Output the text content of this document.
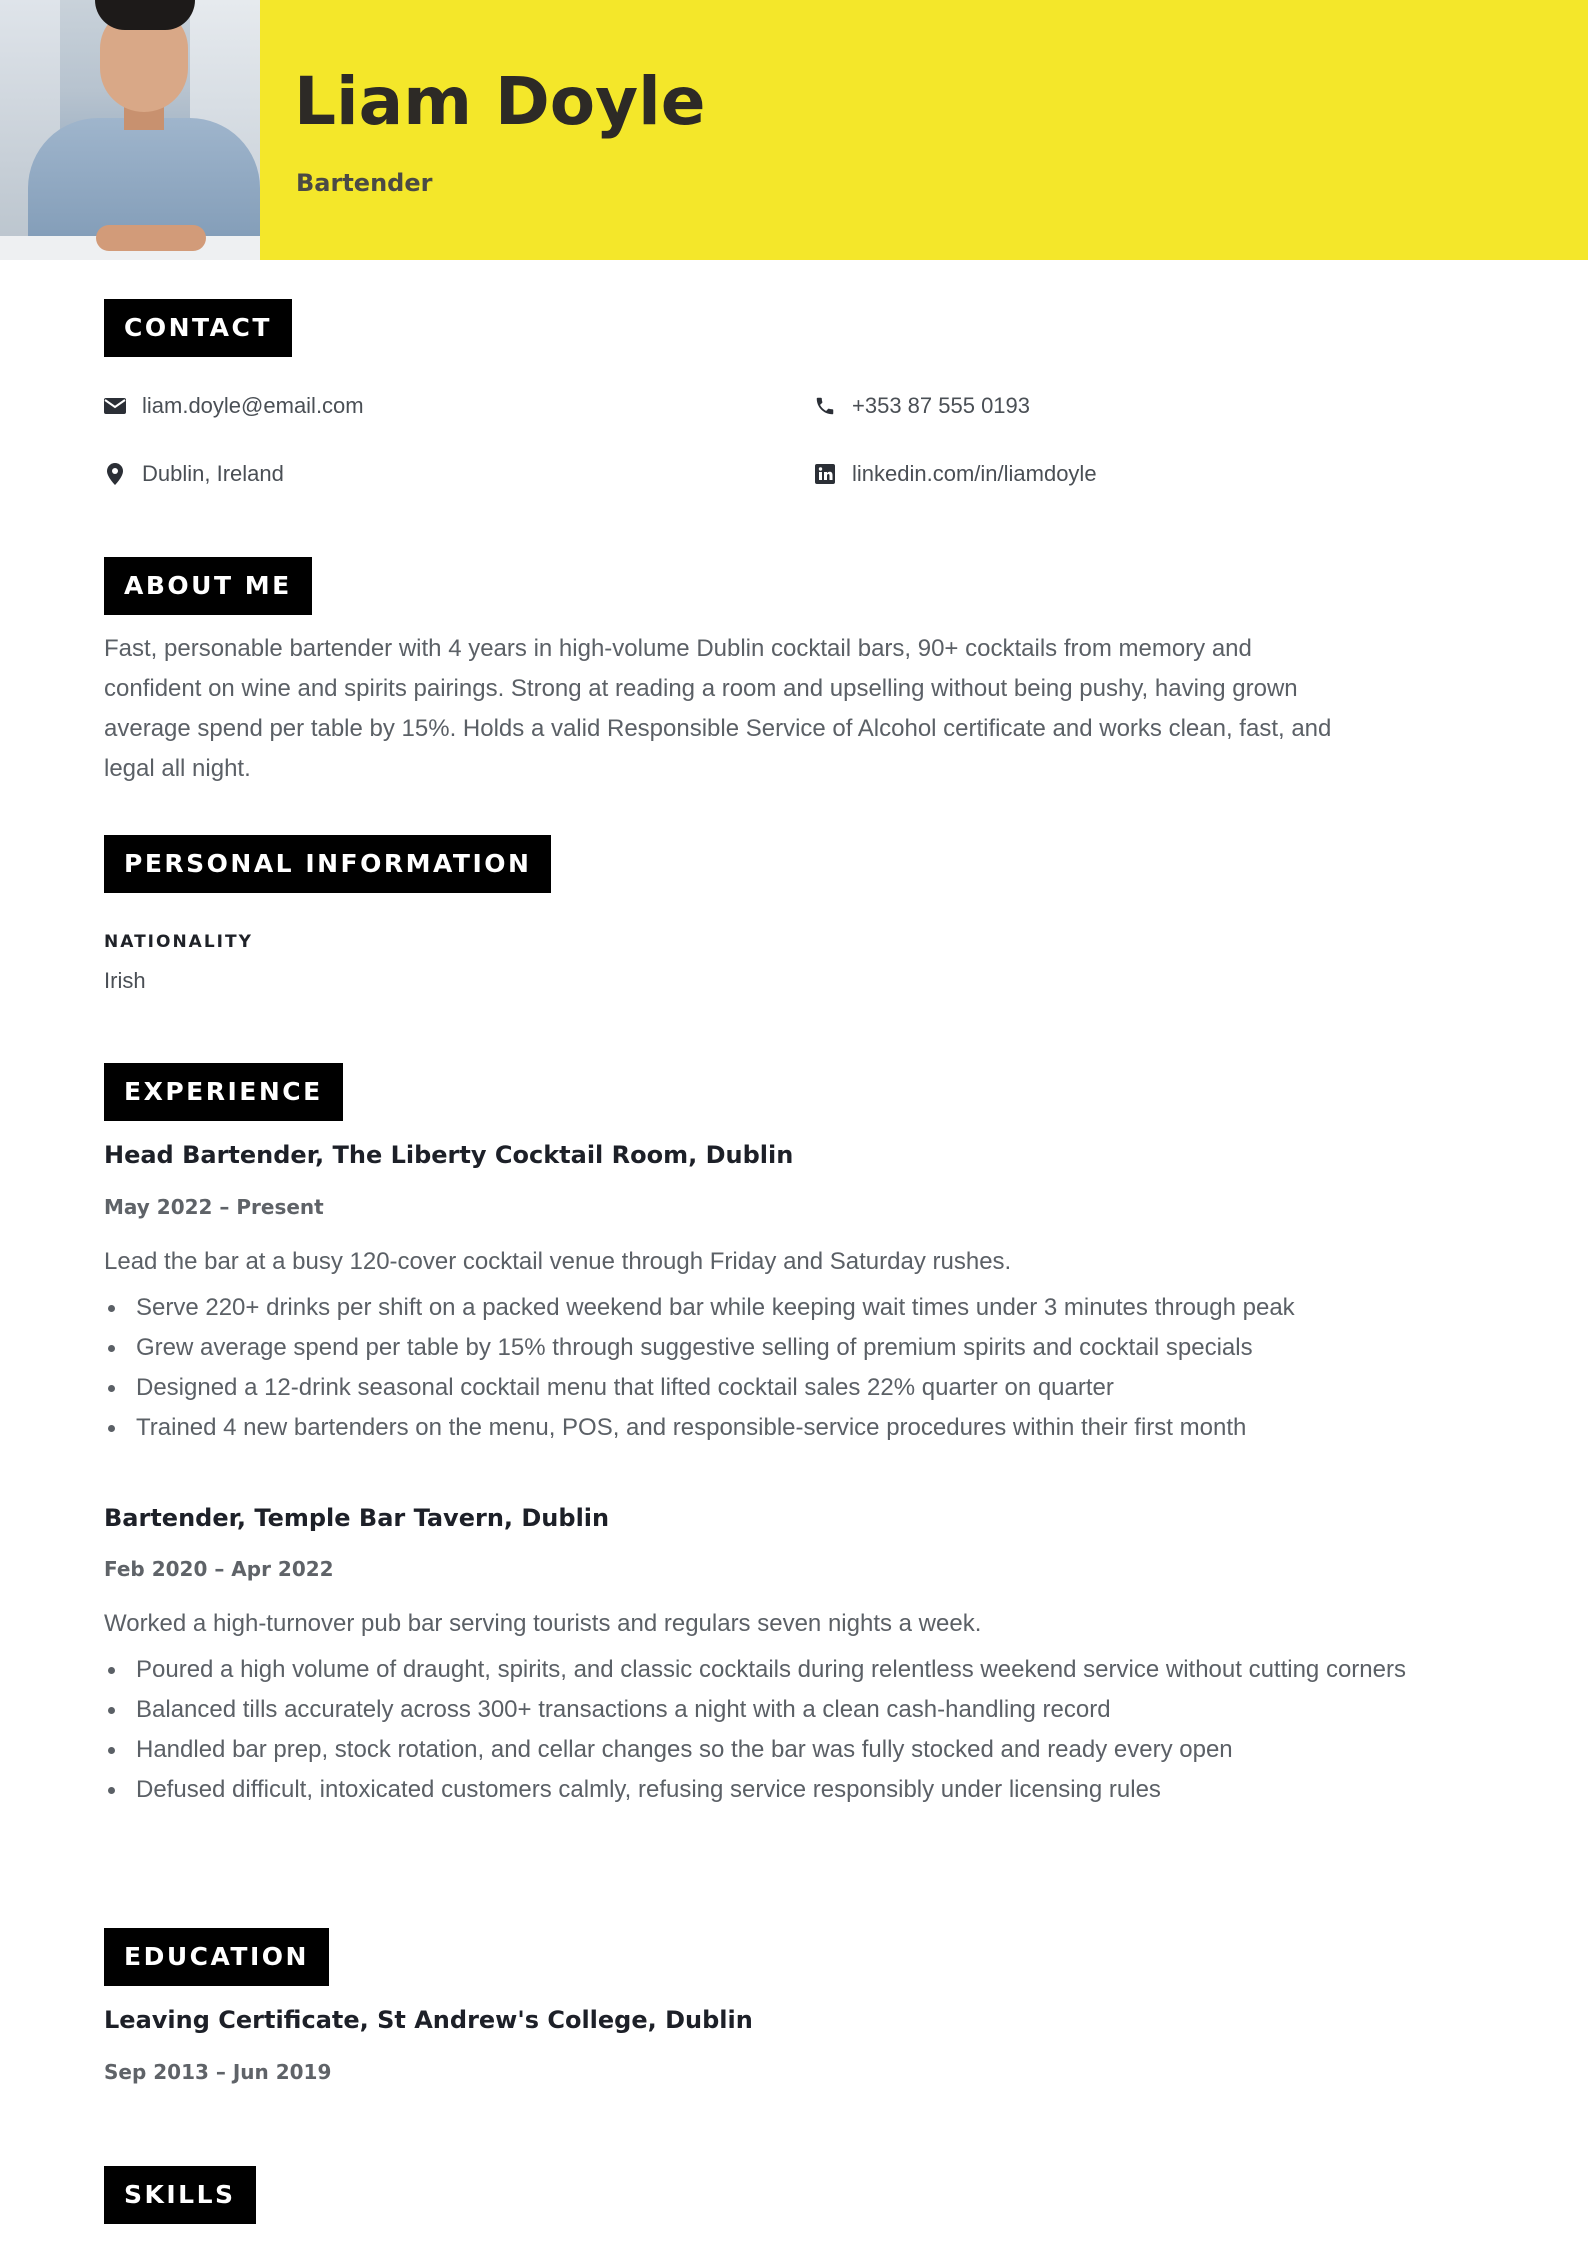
Liam Doyle
Bartender
CONTACT
liam.doyle@email.com	+353 87 555 0193
Dublin, Ireland	linkedin.com/in/liamdoyle
ABOUT ME
Fast, personable bartender with 4 years in high-volume Dublin cocktail bars, 90+ cocktails from memory and
confident on wine and spirits pairings. Strong at reading a room and upselling without being pushy, having grown
average spend per table by 15%. Holds a valid Responsible Service of Alcohol certificate and works clean, fast, and
legal all night.
PERSONAL INFORMATION
NATIONALITY
Irish
EXPERIENCE
Head Bartender, The Liberty Cocktail Room, Dublin
May 2022 – Present
Lead the bar at a busy 120-cover cocktail venue through Friday and Saturday rushes.
Serve 220+ drinks per shift on a packed weekend bar while keeping wait times under 3 minutes through peak
Grew average spend per table by 15% through suggestive selling of premium spirits and cocktail specials
Designed a 12-drink seasonal cocktail menu that lifted cocktail sales 22% quarter on quarter
Trained 4 new bartenders on the menu, POS, and responsible-service procedures within their first month
Bartender, Temple Bar Tavern, Dublin
Feb 2020 – Apr 2022
Worked a high-turnover pub bar serving tourists and regulars seven nights a week.
Poured a high volume of draught, spirits, and classic cocktails during relentless weekend service without cutting corners
Balanced tills accurately across 300+ transactions a night with a clean cash-handling record
Handled bar prep, stock rotation, and cellar changes so the bar was fully stocked and ready every open
Defused difficult, intoxicated customers calmly, refusing service responsibly under licensing rules
EDUCATION
Leaving Certificate, St Andrew's College, Dublin
Sep 2013 – Jun 2019
SKILLS
